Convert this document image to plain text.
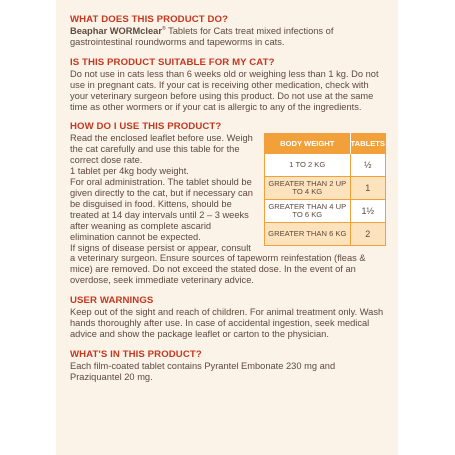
WHAT DOES THIS PRODUCT DO?

Beaphar WORMclear® Tablets for Cats treat mixed infections of gastrointestinal roundworms and tapeworms in cats.

IS THIS PRODUCT SUITABLE FOR MY CAT?

Do not use in cats less than 6 weeks old or weighing less than 1 kg. Do not use in pregnant cats. If your cat is receiving other medication, check with your veterinary surgeon before using this product. Do not use at the same time as other wormers or if your cat is allergic to any of the ingredients.

HOW DO I USE THIS PRODUCT?
BODY WEIGHT	TABLETS
1 TO 2 KG	½
GREATER THAN 2 UP TO 4 KG	1
GREATER THAN 4 UP TO 6 KG	1½
GREATER THAN 6 KG	2

Read the enclosed leaflet before use. Weigh the cat carefully and use this table for the correct dose rate.

1 tablet per 4kg body weight.

For oral administration. The tablet should be given directly to the cat, but if necessary can be disguised in food. Kittens, should be treated at 14 day intervals until 2 – 3 weeks after weaning as complete ascarid elimination cannot be expected.

If signs of disease persist or appear, consult a veterinary surgeon. Ensure sources of tapeworm reinfestation (fleas & mice) are removed. Do not exceed the stated dose. In the event of an overdose, seek immediate veterinary advice.

USER WARNINGS

Keep out of the sight and reach of children. For animal treatment only. Wash hands thoroughly after use. In case of accidental ingestion, seek medical advice and show the package leaflet or carton to the physician.

WHAT'S IN THIS PRODUCT?

Each film-coated tablet contains Pyrantel Embonate 230 mg and Praziquantel 20 mg.
